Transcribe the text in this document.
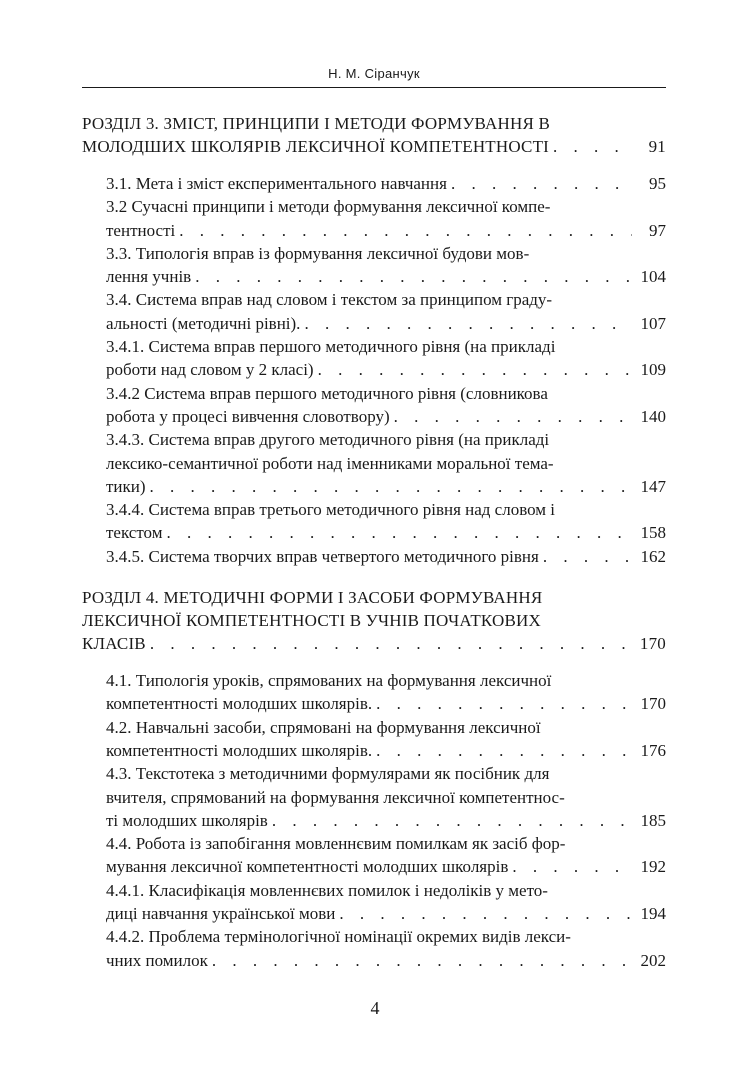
Н. М. Сіранчук
РОЗДІЛ 3. ЗМІСТ, ПРИНЦИПИ І МЕТОДИ ФОРМУВАННЯ В
МОЛОДШИХ ШКОЛЯРІВ ЛЕКСИЧНОЇ КОМПЕТЕНТНОСТІ . . .	91
3.1. Мета і зміст експериментального навчання . . .	95
3.2 Сучасні принципи і методи формування лексичної компе-
тентності . . .	97
3.3. Типологія вправ із формування лексичної будови мов-
лення учнів . . .	104
3.4. Система вправ над словом і текстом за принципом граду-
альності (методичні рівні). . . .	107
3.4.1. Система вправ першого методичного рівня (на прикладі
роботи над словом у 2 класі) . . .	109
3.4.2 Система вправ першого методичного рівня (словникова
робота у процесі вивчення словотвору) . . .	140
3.4.3. Система вправ другого методичного рівня (на прикладі
лексико-семантичної роботи над іменниками моральної тема-
тики) . . .	147
3.4.4. Система вправ третього методичного рівня над словом і
текстом . . .	158
3.4.5. Система творчих вправ четвертого методичного рівня . . .	162
РОЗДІЛ 4. МЕТОДИЧНІ ФОРМИ І ЗАСОБИ ФОРМУВАННЯ
ЛЕКСИЧНОЇ КОМПЕТЕНТНОСТІ В УЧНІВ ПОЧАТКОВИХ
КЛАСІВ . . .	170
4.1. Типологія уроків, спрямованих на формування лексичної
компетентності молодших школярів. . . .	170
4.2. Навчальні засоби, спрямовані на формування лексичної
компетентності молодших школярів. . . .	176
4.3. Текстотека з методичними формулярами як посібник для
вчителя, спрямований на формування лексичної компетентнос-
ті молодших школярів . . .	185
4.4. Робота із запобігання мовленнєвим помилкам як засіб фор-
мування лексичної компетентності молодших школярів . . .	192
4.4.1. Класифікація мовленнєвих помилок і недоліків у мето-
диці навчання української мови . . .	194
4.4.2. Проблема термінологічної номінації окремих видів лекси-
чних помилок . . .	202
4
